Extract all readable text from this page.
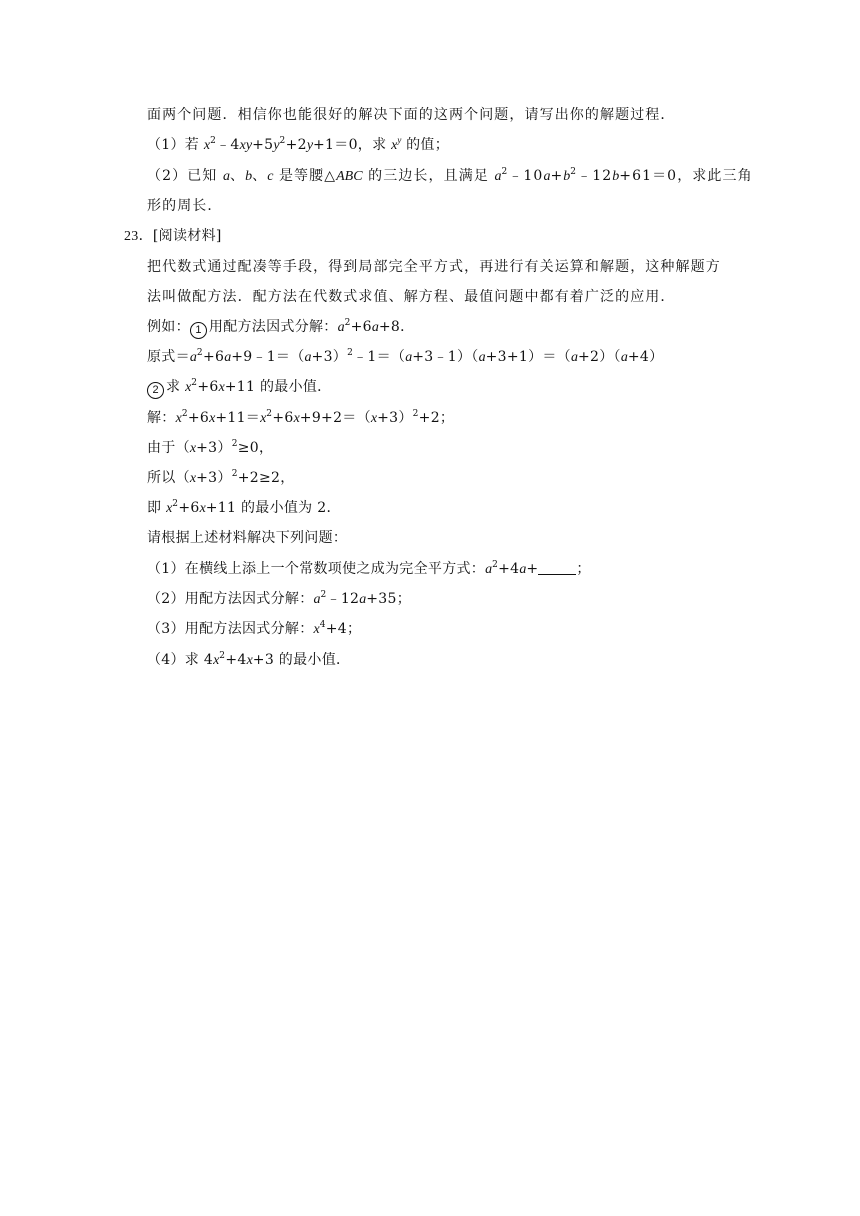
面两个问题．相信你也能很好的解决下面的这两个问题，请写出你的解题过程．
（1）若 $x^2﹣4xy+5y^2+2y+1=0$，求 $x^y$ 的值；
（2）已知 a、b、c 是等腰△ABC 的三边长，且满足 $a^2﹣10a+b^2﹣12b+61=0$，求此三角
形的周长．
23．[阅读材料]
把代数式通过配凑等手段，得到局部完全平方式，再进行有关运算和解题，这种解题方
法叫做配方法．配方法在代数式求值、解方程、最值问题中都有着广泛的应用．
例如： 1 用配方法因式分解：$a^2+6a+8$．
原式$=a^2+6a+9﹣1=(a+3)^2﹣1=(a+3﹣1)(a+3+1)=(a+2)(a+4)$
2 求 $x^2+6x+11$ 的最小值．
解：$x^2+6x+11=x^2+6x+9+2=(x+3)^2+2$；
由于$(x+3)^2\ge 0$，
所以$(x+3)^2+2\ge 2$，
即 $x^2+6x+11$ 的最小值为 2．
请根据上述材料解决下列问题：
（1）在横线上添上一个常数项使之成为完全平方式：$a^2+4a+$	；
（2）用配方法因式分解：$a^2﹣12a+35$；
（3）用配方法因式分解：$x^4+4$；
（4）求 $4x^2+4x+3$ 的最小值．
